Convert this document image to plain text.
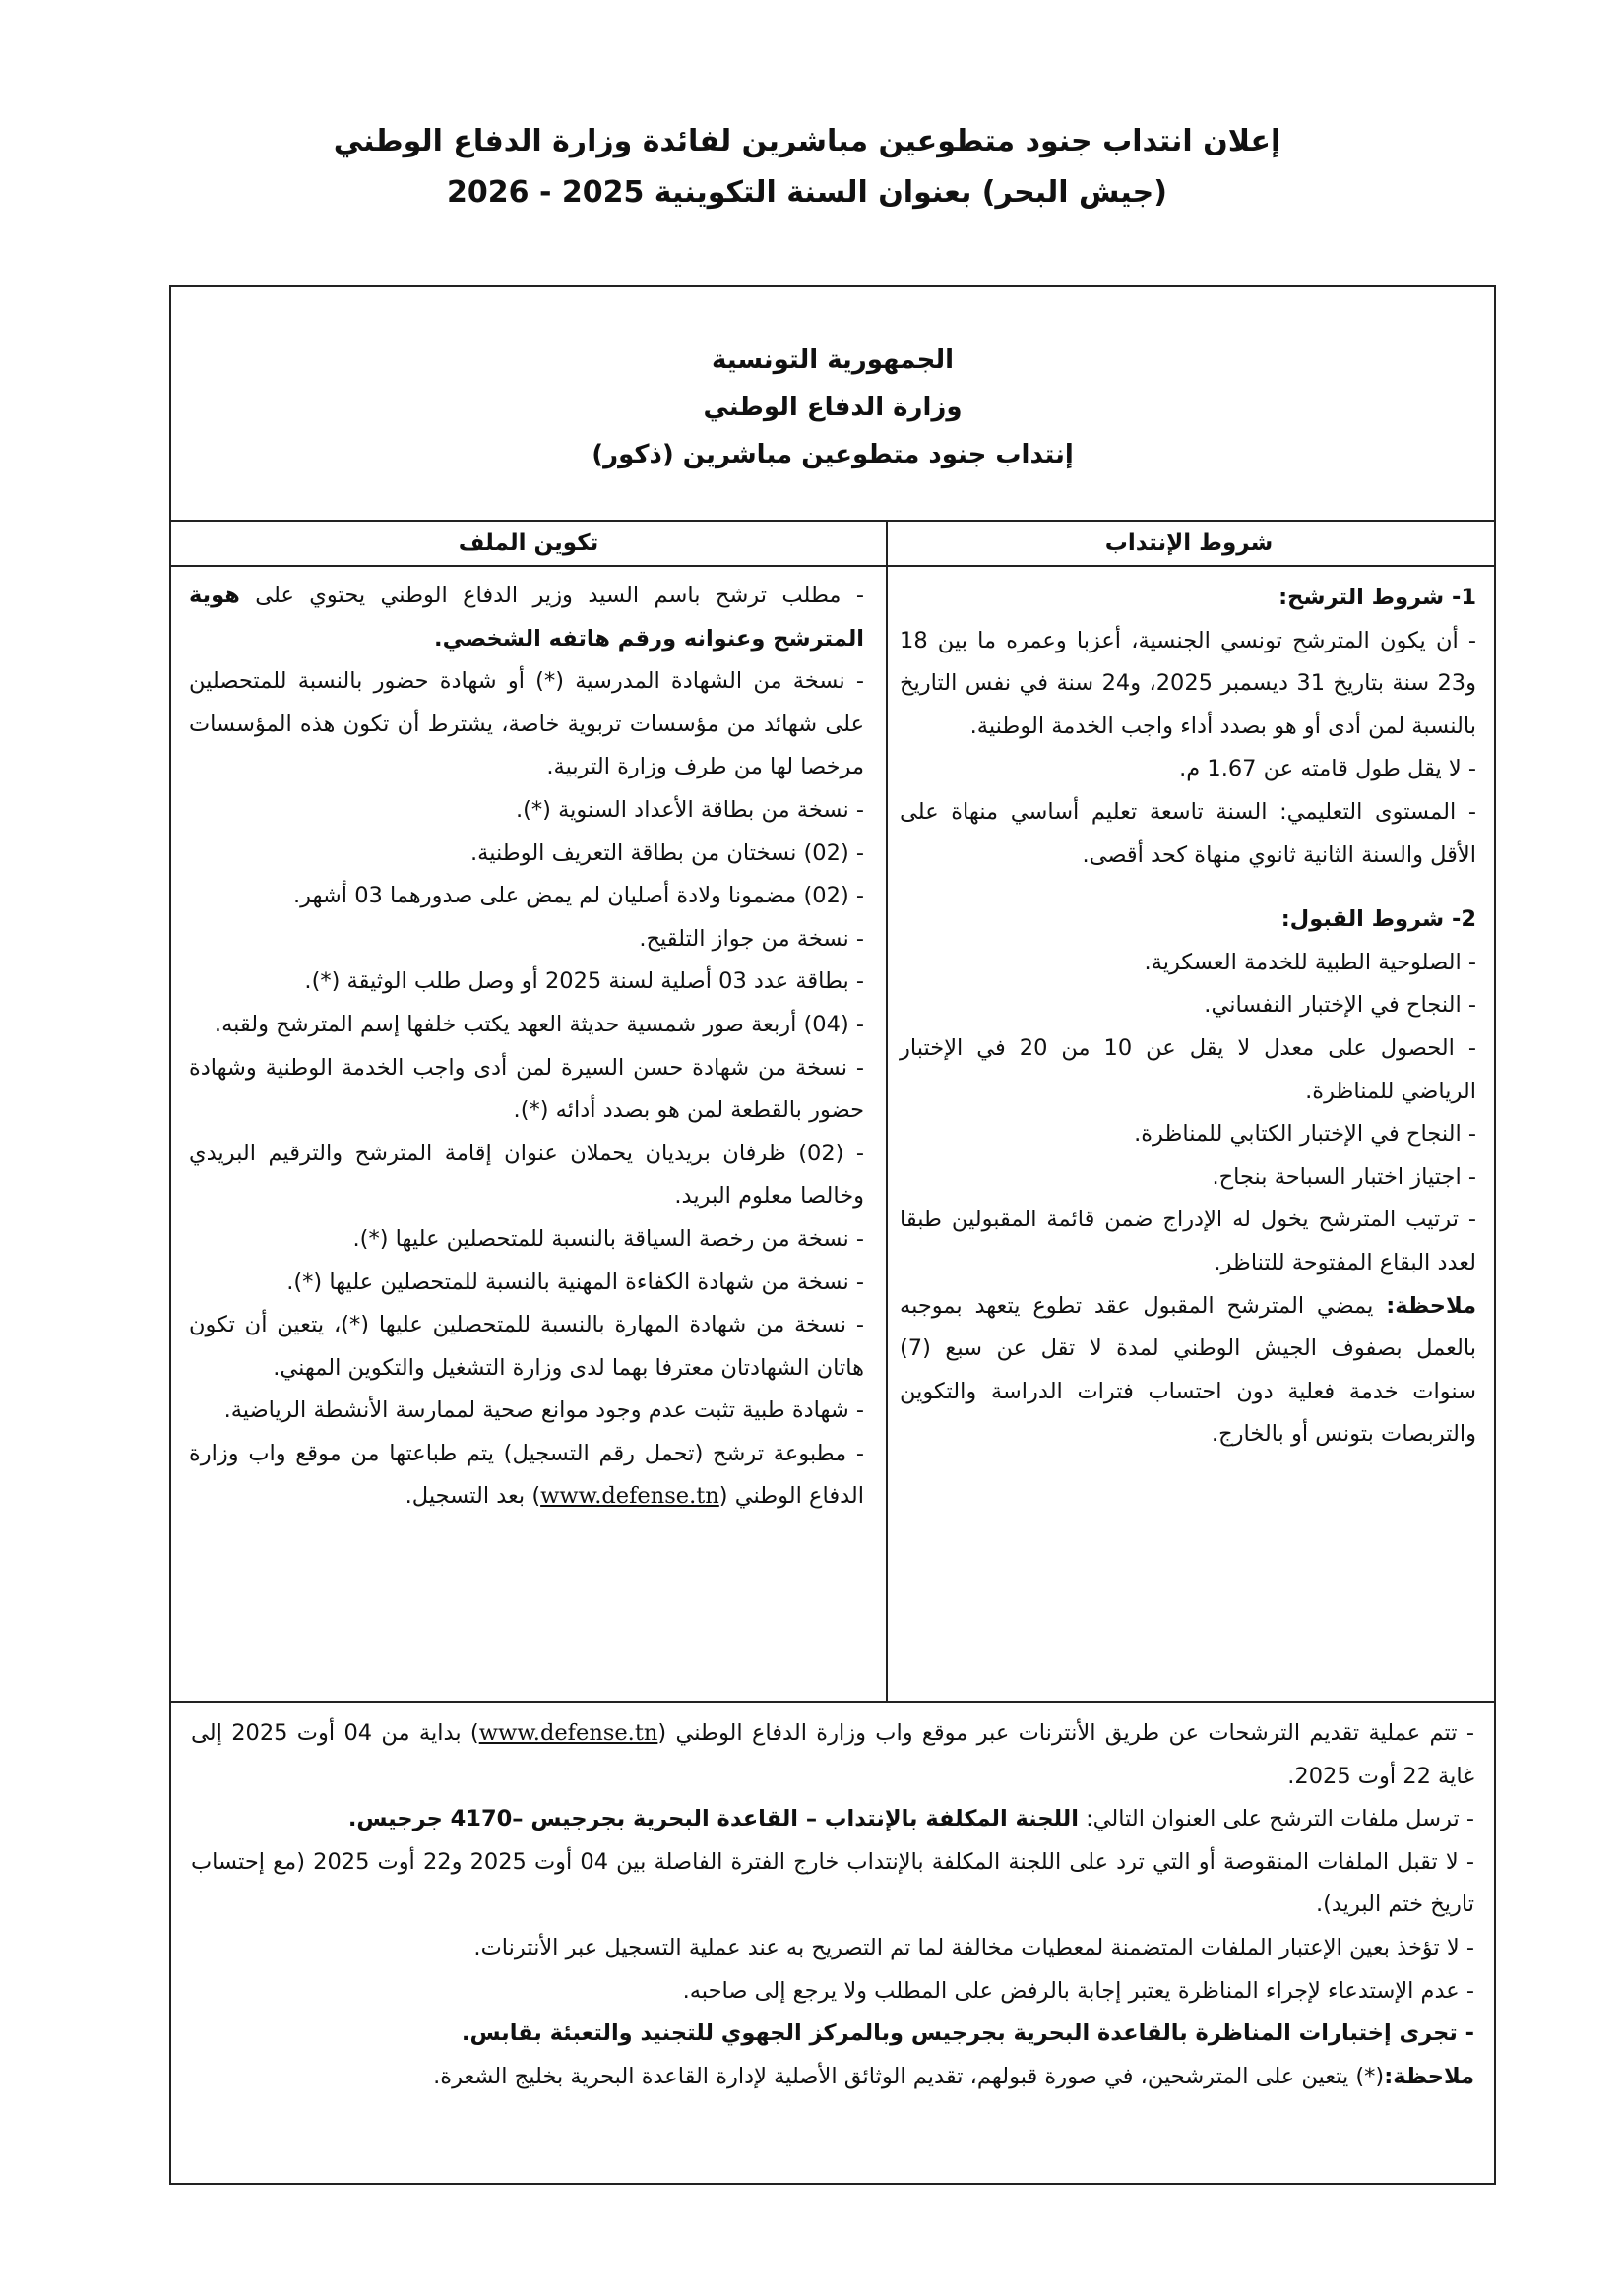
إعلان انتداب جنود متطوعين مباشرين لفائدة وزارة الدفاع الوطني
(جيش البحر) بعنوان السنة التكوينية 2025 - 2026
الجمهورية التونسية
وزارة الدفاع الوطني
إنتداب جنود متطوعين مباشرين (ذكور)
شروط الإنتداب
تكوين الملف
1- شروط الترشح:
- أن يكون المترشح تونسي الجنسية، أعزبا وعمره ما بين 18 و23 سنة بتاريخ 31 ديسمبر 2025، و24 سنة في نفس التاريخ بالنسبة لمن أدى أو هو بصدد أداء واجب الخدمة الوطنية.
- لا يقل طول قامته عن 1.67 م.
- المستوى التعليمي: السنة تاسعة تعليم أساسي منهاة على الأقل والسنة الثانية ثانوي منهاة كحد أقصى.
2- شروط القبول:
- الصلوحية الطبية للخدمة العسكرية.
- النجاح في الإختبار النفساني.
- الحصول على معدل لا يقل عن 10 من 20 في الإختبار الرياضي للمناظرة.
- النجاح في الإختبار الكتابي للمناظرة.
- اجتياز اختبار السباحة بنجاح.
- ترتيب المترشح يخول له الإدراج ضمن قائمة المقبولين طبقا لعدد البقاع المفتوحة للتناظر.
ملاحظة: يمضي المترشح المقبول عقد تطوع يتعهد بموجبه بالعمل بصفوف الجيش الوطني لمدة لا تقل عن سبع (7) سنوات خدمة فعلية دون احتساب فترات الدراسة والتكوين والتربصات بتونس أو بالخارج.
- مطلب ترشح باسم السيد وزير الدفاع الوطني يحتوي على هوية المترشح وعنوانه ورقم هاتفه الشخصي.
- نسخة من الشهادة المدرسية (*) أو شهادة حضور بالنسبة للمتحصلين على شهائد من مؤسسات تربوية خاصة، يشترط أن تكون هذه المؤسسات مرخصا لها من طرف وزارة التربية.
- نسخة من بطاقة الأعداد السنوية (*).
- (02) نسختان من بطاقة التعريف الوطنية.
- (02) مضمونا ولادة أصليان لم يمض على صدورهما 03 أشهر.
- نسخة من جواز التلقيح.
- بطاقة عدد 03 أصلية لسنة 2025 أو وصل طلب الوثيقة (*).
- (04) أربعة صور شمسية حديثة العهد يكتب خلفها إسم المترشح ولقبه.
- نسخة من شهادة حسن السيرة لمن أدى واجب الخدمة الوطنية وشهادة حضور بالقطعة لمن هو بصدد أدائه (*).
- (02) ظرفان بريديان يحملان عنوان إقامة المترشح والترقيم البريدي وخالصا معلوم البريد.
- نسخة من رخصة السياقة بالنسبة للمتحصلين عليها (*).
- نسخة من شهادة الكفاءة المهنية بالنسبة للمتحصلين عليها (*).
- نسخة من شهادة المهارة بالنسبة للمتحصلين عليها (*)، يتعين أن تكون هاتان الشهادتان معترفا بهما لدى وزارة التشغيل والتكوين المهني.
- شهادة طبية تثبت عدم وجود موانع صحية لممارسة الأنشطة الرياضية.
- مطبوعة ترشح (تحمل رقم التسجيل) يتم طباعتها من موقع واب وزارة الدفاع الوطني (www.defense.tn) بعد التسجيل.
- تتم عملية تقديم الترشحات عن طريق الأنترنات عبر موقع واب وزارة الدفاع الوطني (www.defense.tn) بداية من 04 أوت 2025 إلى غاية 22 أوت 2025.
- ترسل ملفات الترشح على العنوان التالي: اللجنة المكلفة بالإنتداب – القاعدة البحرية بجرجيس –4170 جرجيس.
- لا تقبل الملفات المنقوصة أو التي ترد على اللجنة المكلفة بالإنتداب خارج الفترة الفاصلة بين 04 أوت 2025 و22 أوت 2025 (مع إحتساب تاريخ ختم البريد).
- لا تؤخذ بعين الإعتبار الملفات المتضمنة لمعطيات مخالفة لما تم التصريح به عند عملية التسجيل عبر الأنترنات.
- عدم الإستدعاء لإجراء المناظرة يعتبر إجابة بالرفض على المطلب ولا يرجع إلى صاحبه.
- تجرى إختبارات المناظرة بالقاعدة البحرية بجرجيس وبالمركز الجهوي للتجنيد والتعبئة بقابس.
ملاحظة:(*) يتعين على المترشحين، في صورة قبولهم، تقديم الوثائق الأصلية لإدارة القاعدة البحرية بخليج الشعرة.
